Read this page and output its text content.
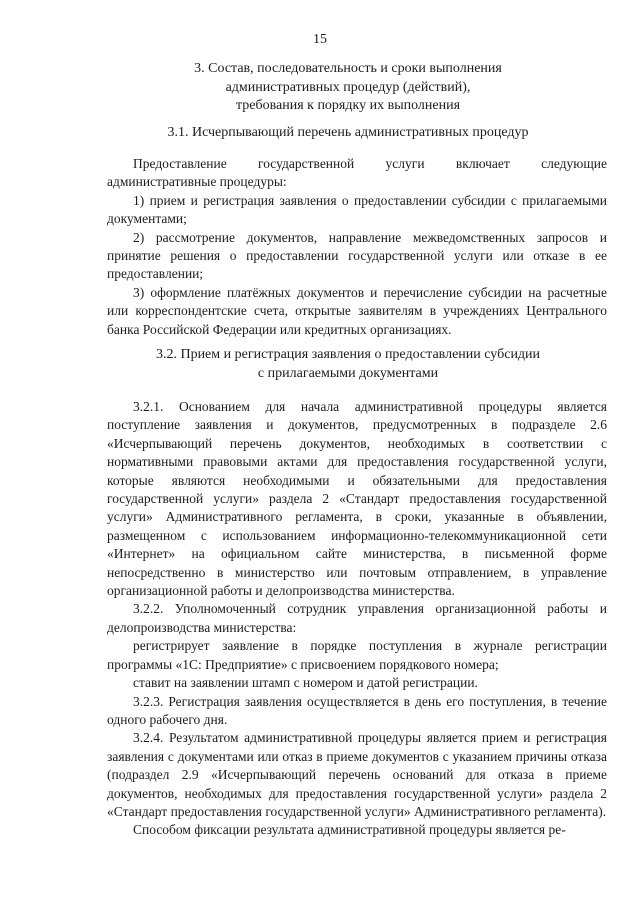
15
3. Состав, последовательность и сроки выполнения
административных процедур (действий),
требования к порядку их выполнения
3.1. Исчерпывающий перечень административных процедур

Предоставление государственной услуги включает следующие административные процедуры:

1) прием и регистрация заявления о предоставлении субсидии с прилагаемыми документами;

2) рассмотрение документов, направление межведомственных запросов и принятие решения о предоставлении государственной услуги или отказе в ее предоставлении;

3) оформление платёжных документов и перечисление субсидии на расчетные или корреспондентские счета, открытые заявителям в учреждениях Центрального банка Российской Федерации или кредитных организациях.

3.2. Прием и регистрация заявления о предоставлении субсидии
с прилагаемыми документами

3.2.1. Основанием для начала административной процедуры является поступление заявления и документов, предусмотренных в подразделе 2.6 «Исчерпывающий перечень документов, необходимых в соответствии с нормативными правовыми актами для предоставления государственной услуги, которые являются необходимыми и обязательными для предоставления государственной услуги» раздела 2 «Стандарт предоставления государственной услуги» Административного регламента, в сроки, указанные в объявлении, размещенном с использованием информационно-телекоммуникационной сети «Интернет» на официальном сайте министерства, в письменной форме непосредственно в министерство или почтовым отправлением, в управление организационной работы и делопроизводства министерства.

3.2.2. Уполномоченный сотрудник управления организационной работы и делопроизводства министерства:

регистрирует заявление в порядке поступления в журнале регистрации программы «1С: Предприятие» с присвоением порядкового номера;

ставит на заявлении штамп с номером и датой регистрации.

3.2.3. Регистрация заявления осуществляется в день его поступления, в течение одного рабочего дня.

3.2.4. Результатом административной процедуры является прием и регистрация заявления с документами или отказ в приеме документов с указанием причины отказа (подраздел 2.9 «Исчерпывающий перечень оснований для отказа в приеме документов, необходимых для предоставления государственной услуги» раздела 2 «Стандарт предоставления государственной услуги» Административного регламента).

Способом фиксации результата административной процедуры является ре-
